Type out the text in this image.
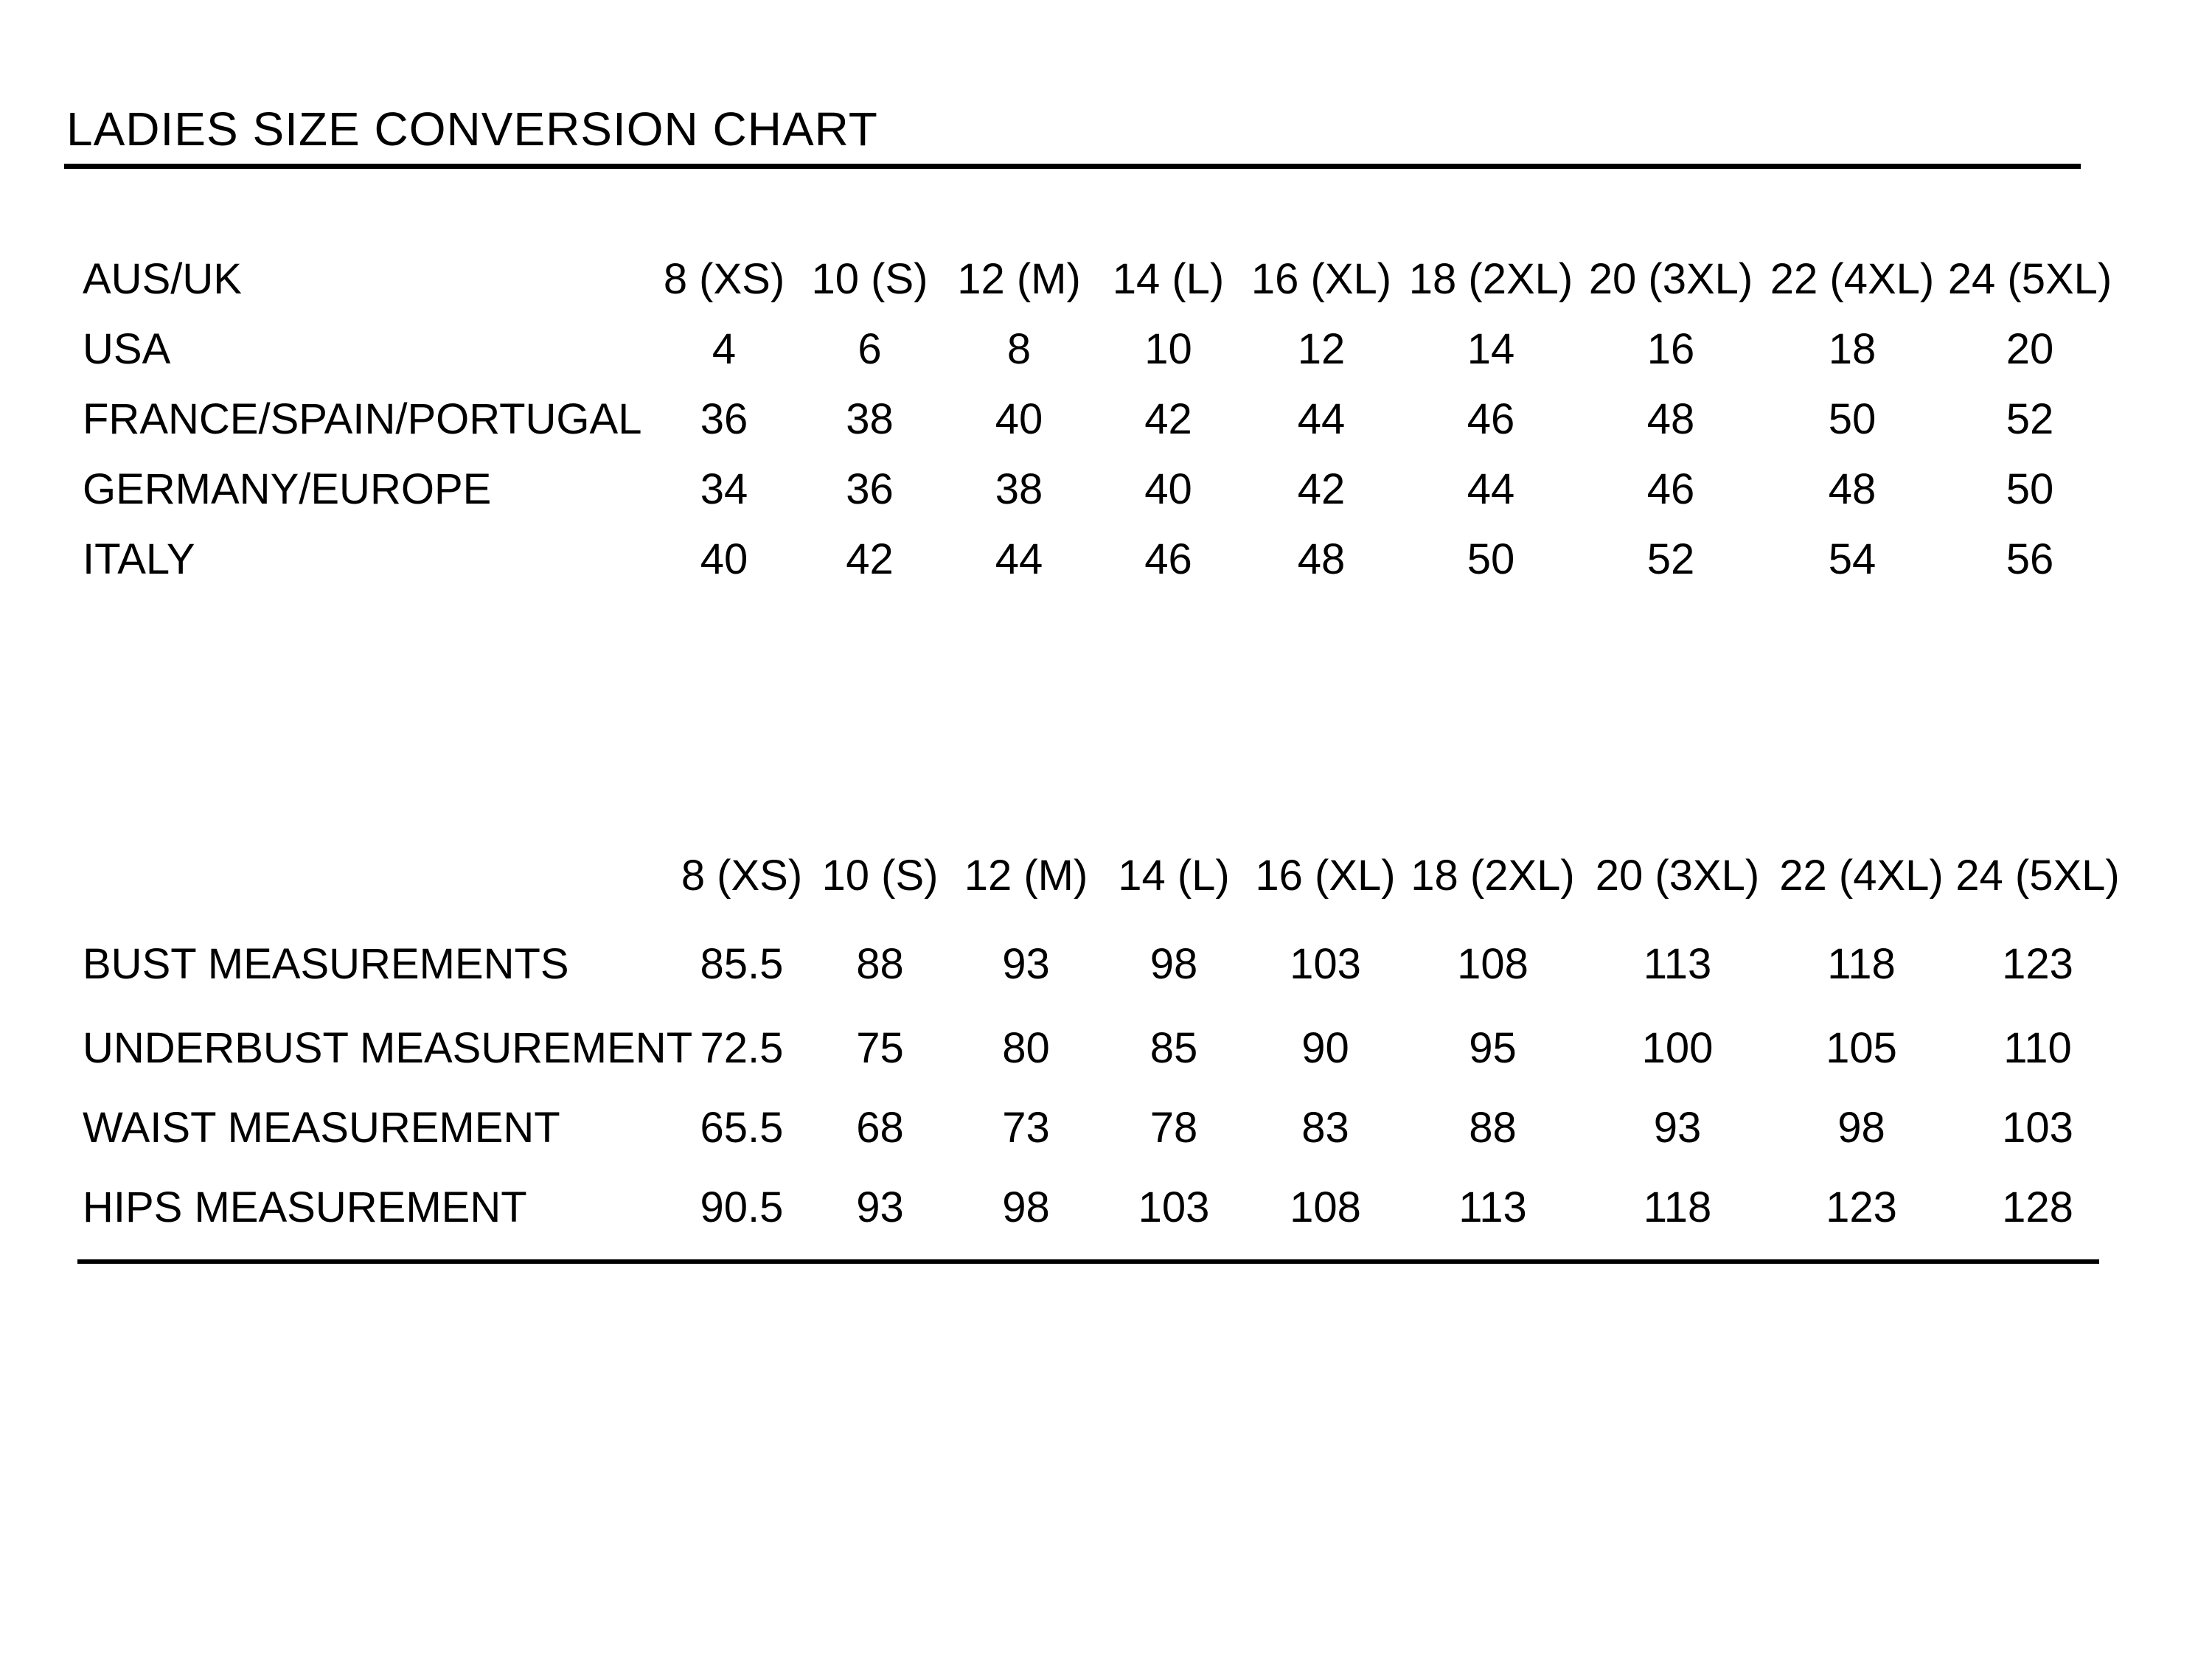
LADIES SIZE CONVERSION CHART
AUS/UK	8 (XS)	10 (S)	12 (M)	14 (L)	16 (XL)	18 (2XL)	20 (3XL)	22 (4XL)	24 (5XL)
USA	4	6	8	10	12	14	16	18	20
FRANCE/SPAIN/PORTUGAL	36	38	40	42	44	46	48	50	52
GERMANY/EUROPE	34	36	38	40	42	44	46	48	50
ITALY	40	42	44	46	48	50	52	54	56
	8 (XS)	10 (S)	12 (M)	14 (L)	16 (XL)	18 (2XL)	20 (3XL)	22 (4XL)	24 (5XL)
BUST MEASUREMENTS	85.5	88	93	98	103	108	113	118	123
UNDERBUST MEASUREMENT	72.5	75	80	85	90	95	100	105	110
WAIST MEASUREMENT	65.5	68	73	78	83	88	93	98	103
HIPS MEASUREMENT	90.5	93	98	103	108	113	118	123	128
